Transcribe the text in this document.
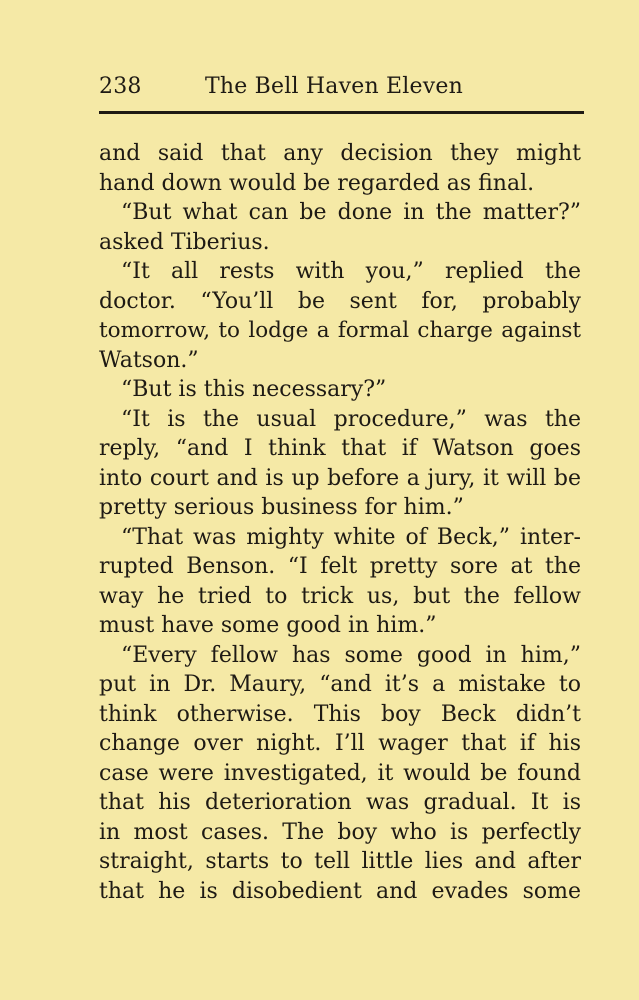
238	The Bell Haven Eleven
and said that any decision they might
hand down would be regarded as final.
“But what can be done in the matter?”
asked Tiberius.
“It all rests with you,” replied the
doctor. “You’ll be sent for, probably
tomorrow, to lodge a formal charge against
Watson.”
“But is this necessary?”
“It is the usual procedure,” was the
reply, “and I think that if Watson goes
into court and is up before a jury, it will be
pretty serious business for him.”
“That was mighty white of Beck,” inter-
rupted Benson. “I felt pretty sore at the
way he tried to trick us, but the fellow
must have some good in him.”
“Every fellow has some good in him,”
put in Dr. Maury, “and it’s a mistake to
think otherwise. This boy Beck didn’t
change over night. I’ll wager that if his
case were investigated, it would be found
that his deterioration was gradual. It is
in most cases. The boy who is perfectly
straight, starts to tell little lies and after
that he is disobedient and evades some
